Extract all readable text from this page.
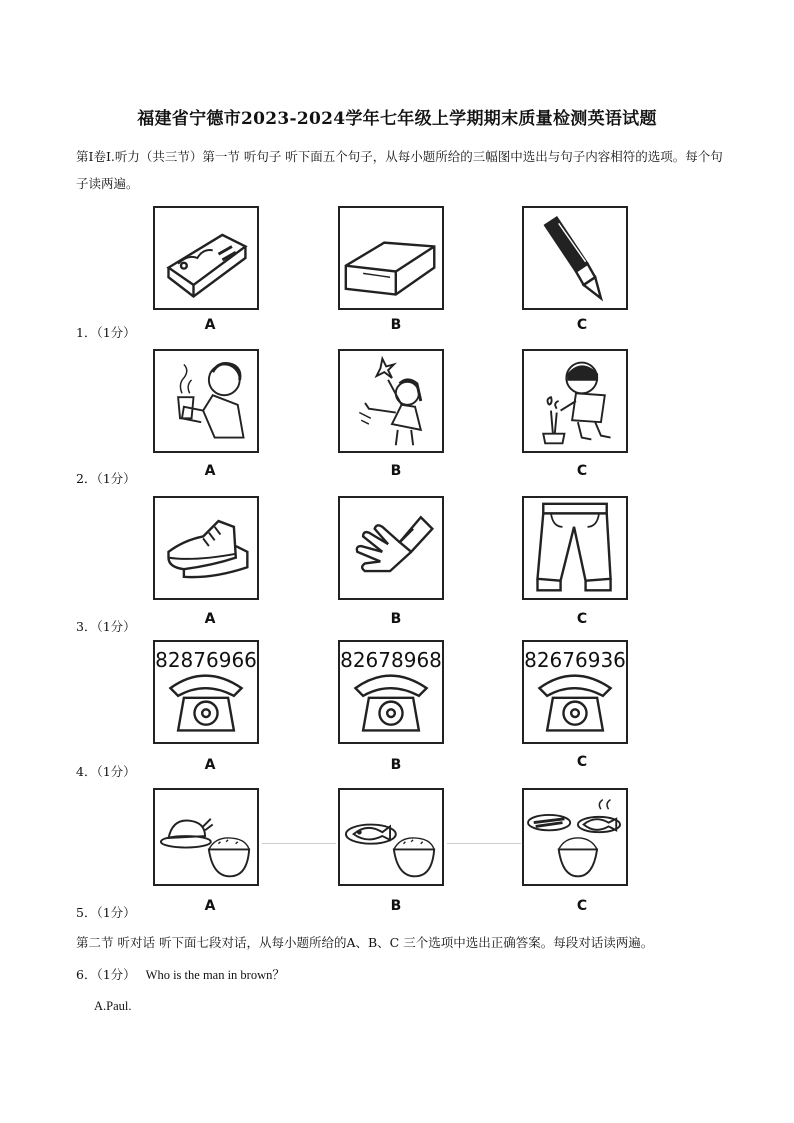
福建省宁德市2023-2024学年七年级上学期期末质量检测英语试题
第Ⅰ卷Ⅰ.听力（共三节）第一节 听句子 听下面五个句子，从每小题所给的三幅图中选出与句子内容相符的选项。每个句子读两遍。
1．（1分）	A	B	C
2．（1分）	A	B	C
3．（1分）	A	B	C
82876966	82678968	82676936
4．（1分）	A	B	C
5．（1分）	A	B	C
第二节 听对话 听下面七段对话，从每小题所给的A、B、C 三个选项中选出正确答案。每段对话读两遍。
6．（1分） Who is the man in brown？
A.Paul.
